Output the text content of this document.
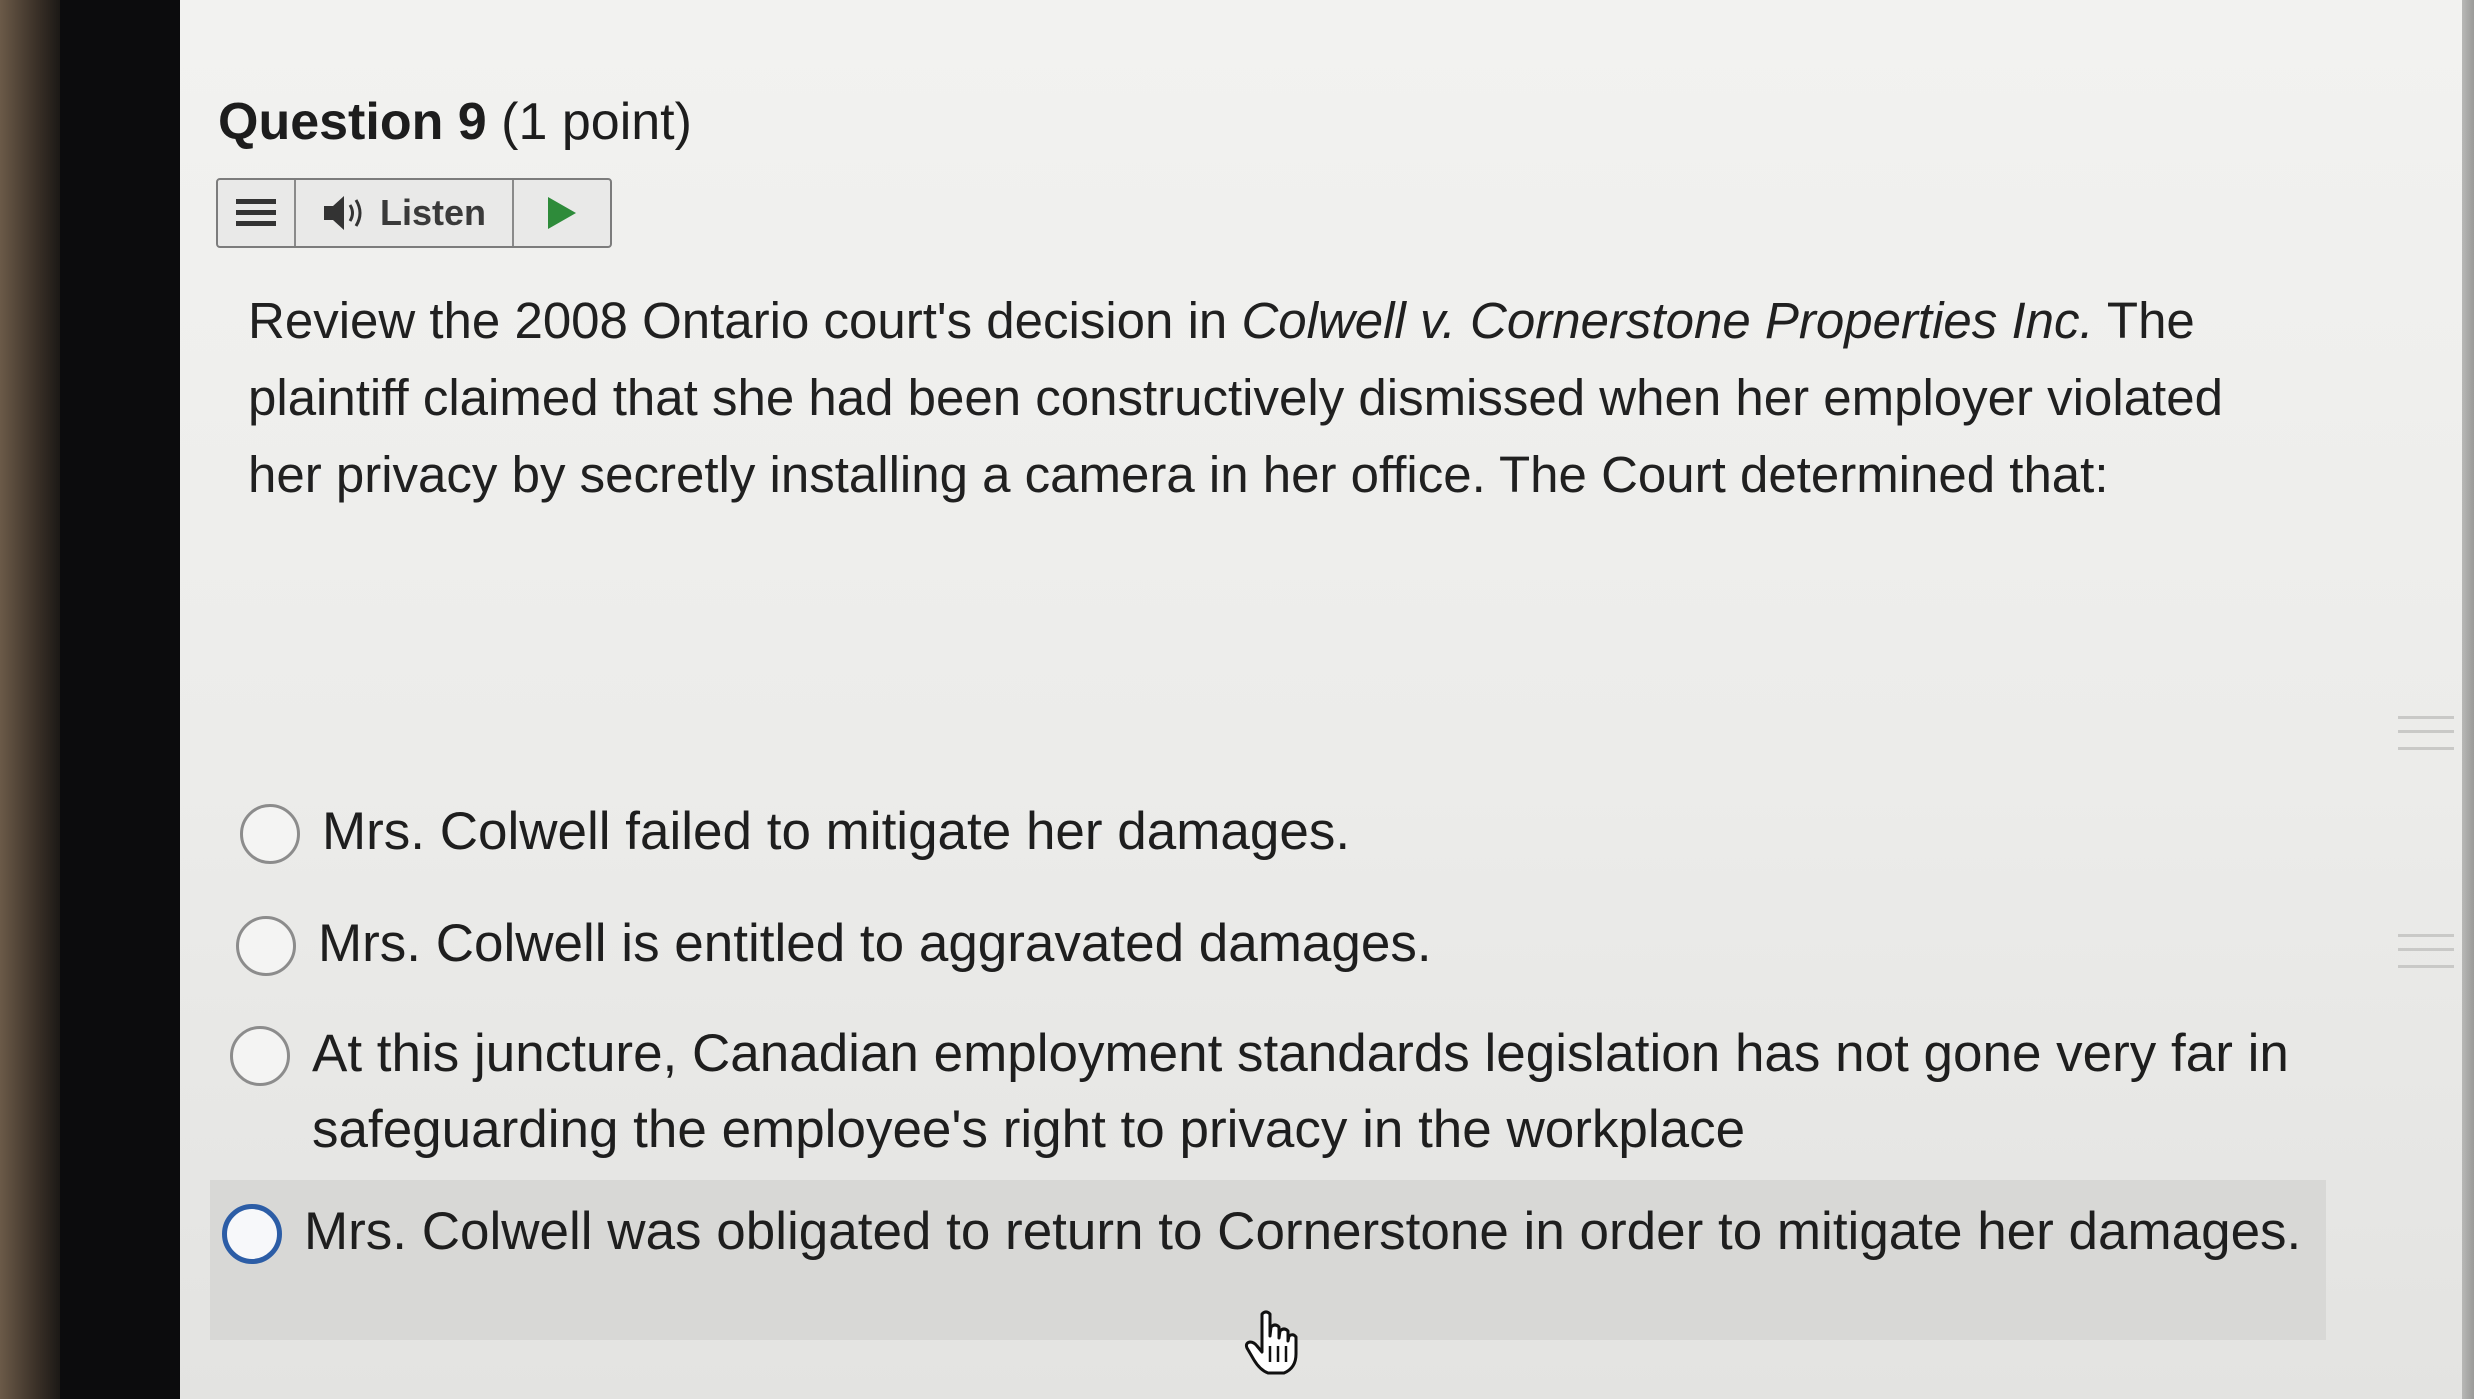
Question 9 (1 point)
Listen
Review the 2008 Ontario court's decision in Colwell v. Cornerstone Properties Inc. The plaintiff claimed that she had been constructively dismissed when her employer violated her privacy by secretly installing a camera in her office. The Court determined that:
Mrs. Colwell failed to mitigate her damages.
Mrs. Colwell is entitled to aggravated damages.
At this juncture, Canadian employment standards legislation has not gone very far in safeguarding the employee's right to privacy in the workplace
Mrs. Colwell was obligated to return to Cornerstone in order to mitigate her damages.
